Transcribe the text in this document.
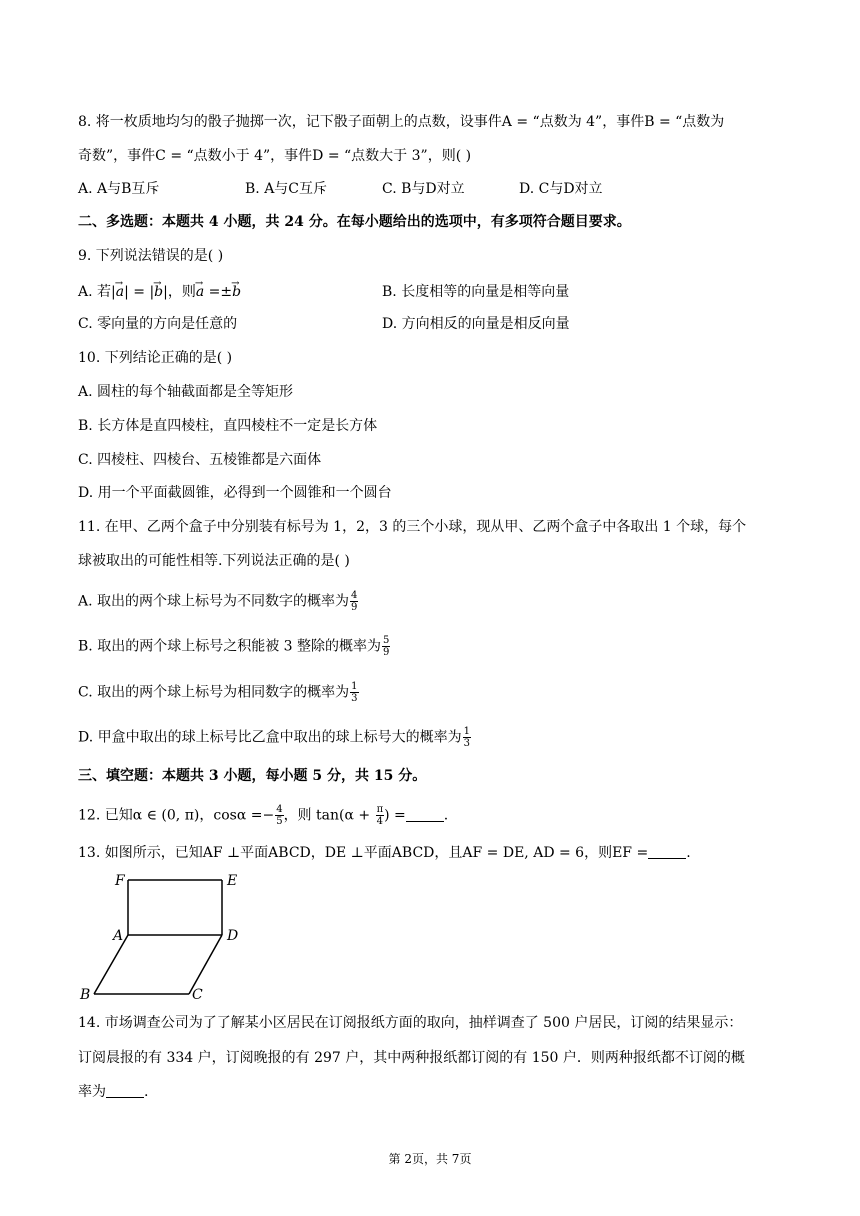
8. 将一枚质地均匀的骰子抛掷一次，记下骰子面朝上的点数，设事件A = “点数为 4”，事件B = “点数为
奇数”，事件C = “点数小于 4”，事件D = “点数大于 3”，则( )
A. A与B互斥	B. A与C互斥	C. B与D对立	D. C与D对立
二、多选题：本题共 4 小题，共 24 分。在每小题给出的选项中，有多项符合题目要求。
9. 下列说法错误的是( )
A. 若|→ a| = |→ b|，则→ a =±→ b	B. 长度相等的向量是相等向量
C. 零向量的方向是任意的	D. 方向相反的向量是相反向量
10. 下列结论正确的是( )
A. 圆柱的每个轴截面都是全等矩形
B. 长方体是直四棱柱，直四棱柱不一定是长方体
C. 四棱柱、四棱台、五棱锥都是六面体
D. 用一个平面截圆锥，必得到一个圆锥和一个圆台
11. 在甲、乙两个盒子中分别装有标号为 1，2，3 的三个小球，现从甲、乙两个盒子中各取出 1 个球，每个
球被取出的可能性相等.下列说法正确的是( )
A. 取出的两个球上标号为不同数字的概率为 $\frac{4}{9}$
B. 取出的两个球上标号之积能被 3 整除的概率为 $\frac{5}{9}$
C. 取出的两个球上标号为相同数字的概率为 $\frac{1}{3}$
D. 甲盒中取出的球上标号比乙盒中取出的球上标号大的概率为 $\frac{1}{3}$
三、填空题：本题共 3 小题，每小题 5 分，共 15 分。
12. 已知α ∈ (0, π)，$\cos\alpha =- \frac{4}{5}$ ，则 $\tan(\alpha + \frac{\pi}{4}$ ) =	.
13. 如图所示，已知AF ⊥平面ABCD，DE ⊥平面ABCD，且AF = DE, AD = 6，则EF =	.
F	E
A	D
B	C
14. 市场调查公司为了了解某小区居民在订阅报纸方面的取向，抽样调查了 500 户居民，订阅的结果显示：
订阅晨报的有 334 户，订阅晚报的有 297 户，其中两种报纸都订阅的有 150 户．则两种报纸都不订阅的概
率为	.
第 2页，共 7页
